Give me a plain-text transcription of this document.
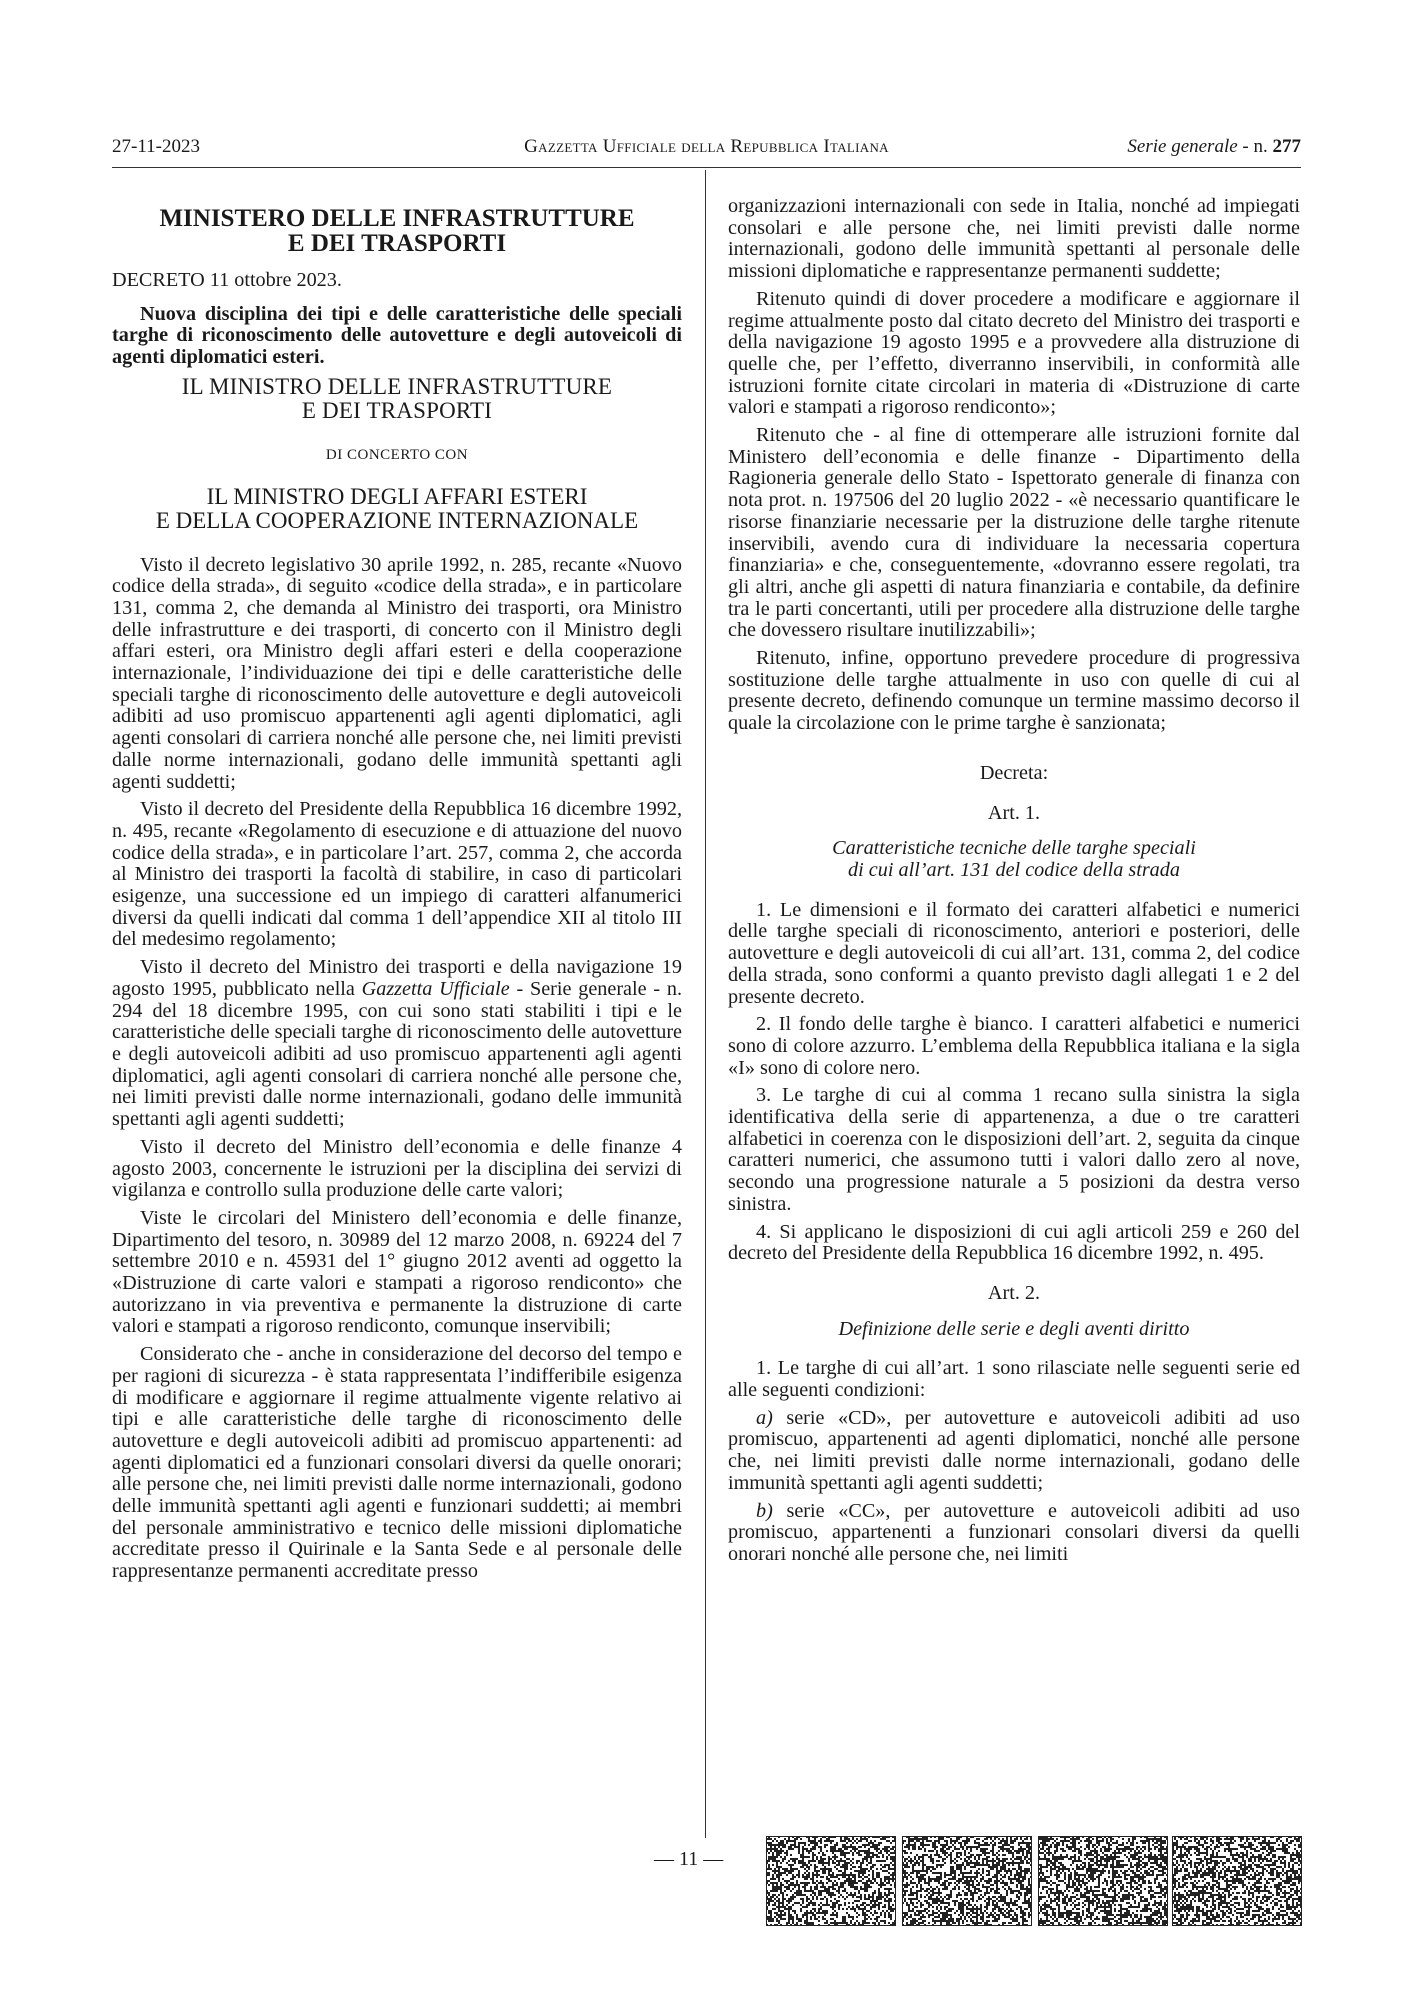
27-11-2023	Gazzetta Ufficiale della Repubblica Italiana	Serie generale - n. 277
MINISTERO DELLE INFRASTRUTTURE
E DEI TRASPORTI
DECRETO 11 ottobre 2023.

Nuova disciplina dei tipi e delle caratteristiche delle speciali targhe di riconoscimento delle autovetture e degli autoveicoli di agenti diplomatici esteri.

IL MINISTRO DELLE INFRASTRUTTURE
E DEI TRASPORTI
DI CONCERTO CON
IL MINISTRO DEGLI AFFARI ESTERI
E DELLA COOPERAZIONE INTERNAZIONALE

Visto il decreto legislativo 30 aprile 1992, n. 285, recante «Nuovo codice della strada», di seguito «codice della strada», e in particolare 131, comma 2, che demanda al Ministro dei trasporti, ora Ministro delle infrastrutture e dei trasporti, di concerto con il Ministro degli affari esteri, ora Ministro degli affari esteri e della cooperazione internazionale, l’individuazione dei tipi e delle caratteristiche delle speciali targhe di riconoscimento delle autovetture e degli autoveicoli adibiti ad uso promiscuo appartenenti agli agenti diplomatici, agli agenti consolari di carriera nonché alle persone che, nei limiti previsti dalle norme internazionali, godano delle immunità spettanti agli agenti suddetti;

Visto il decreto del Presidente della Repubblica 16 dicembre 1992, n. 495, recante «Regolamento di esecuzione e di attuazione del nuovo codice della strada», e in particolare l’art. 257, comma 2, che accorda al Ministro dei trasporti la facoltà di stabilire, in caso di particolari esigenze, una successione ed un impiego di caratteri alfanumerici diversi da quelli indicati dal comma 1 dell’appendice XII al titolo III del medesimo regolamento;

Visto il decreto del Ministro dei trasporti e della navigazione 19 agosto 1995, pubblicato nella Gazzetta Ufficiale - Serie generale - n. 294 del 18 dicembre 1995, con cui sono stati stabiliti i tipi e le caratteristiche delle speciali targhe di riconoscimento delle autovetture e degli autoveicoli adibiti ad uso promiscuo appartenenti agli agenti diplomatici, agli agenti consolari di carriera nonché alle persone che, nei limiti previsti dalle norme internazionali, godano delle immunità spettanti agli agenti suddetti;

Visto il decreto del Ministro dell’economia e delle finanze 4 agosto 2003, concernente le istruzioni per la disciplina dei servizi di vigilanza e controllo sulla produzione delle carte valori;

Viste le circolari del Ministero dell’economia e delle finanze, Dipartimento del tesoro, n. 30989 del 12 marzo 2008, n. 69224 del 7 settembre 2010 e n. 45931 del 1° giugno 2012 aventi ad oggetto la «Distruzione di carte valori e stampati a rigoroso rendiconto» che autorizzano in via preventiva e permanente la distruzione di carte valori e stampati a rigoroso rendiconto, comunque inservibili;

Considerato che - anche in considerazione del decorso del tempo e per ragioni di sicurezza - è stata rappresentata l’indifferibile esigenza di modificare e aggiornare il regime attualmente vigente relativo ai tipi e alle caratteristiche delle targhe di riconoscimento delle autovetture e degli autoveicoli adibiti ad promiscuo appartenenti: ad agenti diplomatici ed a funzionari consolari diversi da quelle onorari; alle persone che, nei limiti previsti dalle norme internazionali, godono delle immunità spettanti agli agenti e funzionari suddetti; ai membri del personale amministrativo e tecnico delle missioni diplomatiche accreditate presso il Quirinale e la Santa Sede e al personale delle rappresentanze permanenti accreditate presso

organizzazioni internazionali con sede in Italia, nonché ad impiegati consolari e alle persone che, nei limiti previsti dalle norme internazionali, godono delle immunità spettanti al personale delle missioni diplomatiche e rappresentanze permanenti suddette;

Ritenuto quindi di dover procedere a modificare e aggiornare il regime attualmente posto dal citato decreto del Ministro dei trasporti e della navigazione 19 agosto 1995 e a provvedere alla distruzione di quelle che, per l’effetto, diverranno inservibili, in conformità alle istruzioni fornite citate circolari in materia di «Distruzione di carte valori e stampati a rigoroso rendiconto»;

Ritenuto che - al fine di ottemperare alle istruzioni fornite dal Ministero dell’economia e delle finanze - Dipartimento della Ragioneria generale dello Stato - Ispettorato generale di finanza con nota prot. n. 197506 del 20 luglio 2022 - «è necessario quantificare le risorse finanziarie necessarie per la distruzione delle targhe ritenute inservibili, avendo cura di individuare la necessaria copertura finanziaria» e che, conseguentemente, «dovranno essere regolati, tra gli altri, anche gli aspetti di natura finanziaria e contabile, da definire tra le parti concertanti, utili per procedere alla distruzione delle targhe che dovessero risultare inutilizzabili»;

Ritenuto, infine, opportuno prevedere procedure di progressiva sostituzione delle targhe attualmente in uso con quelle di cui al presente decreto, definendo comunque un termine massimo decorso il quale la circolazione con le prime targhe è sanzionata;

Decreta:
Art. 1.
Caratteristiche tecniche delle targhe speciali
di cui all’art. 131 del codice della strada

1. Le dimensioni e il formato dei caratteri alfabetici e numerici delle targhe speciali di riconoscimento, anteriori e posteriori, delle autovetture e degli autoveicoli di cui all’art. 131, comma 2, del codice della strada, sono conformi a quanto previsto dagli allegati 1 e 2 del presente decreto.

2. Il fondo delle targhe è bianco. I caratteri alfabetici e numerici sono di colore azzurro. L’emblema della Repubblica italiana e la sigla «I» sono di colore nero.

3. Le targhe di cui al comma 1 recano sulla sinistra la sigla identificativa della serie di appartenenza, a due o tre caratteri alfabetici in coerenza con le disposizioni dell’art. 2, seguita da cinque caratteri numerici, che assumono tutti i valori dallo zero al nove, secondo una progressione naturale a 5 posizioni da destra verso sinistra.

4. Si applicano le disposizioni di cui agli articoli 259 e 260 del decreto del Presidente della Repubblica 16 dicembre 1992, n. 495.

Art. 2.
Definizione delle serie e degli aventi diritto

1. Le targhe di cui all’art. 1 sono rilasciate nelle seguenti serie ed alle seguenti condizioni:

a) serie «CD», per autovetture e autoveicoli adibiti ad uso promiscuo, appartenenti ad agenti diplomatici, nonché alle persone che, nei limiti previsti dalle norme internazionali, godano delle immunità spettanti agli agenti suddetti;

b) serie «CC», per autovetture e autoveicoli adibiti ad uso promiscuo, appartenenti a funzionari consolari diversi da quelli onorari nonché alle persone che, nei limiti

— 11 —
